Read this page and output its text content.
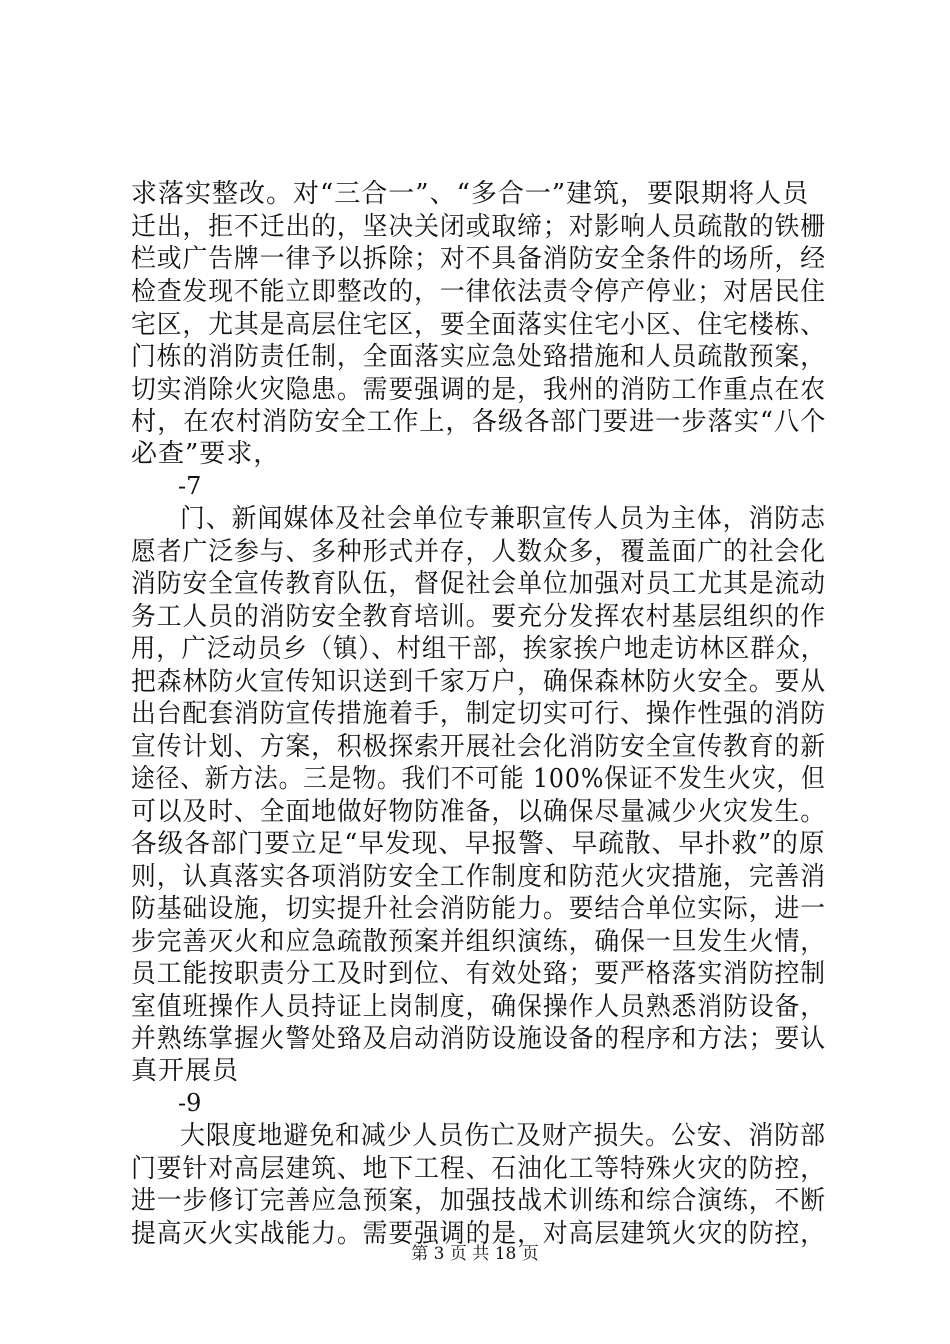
求落实整改。对“三合一”、“多合一”建筑，要限期将人员
迁出，拒不迁出的，坚决关闭或取缔；对影响人员疏散的铁栅
栏或广告牌一律予以拆除；对不具备消防安全条件的场所，经
检查发现不能立即整改的，一律依法责令停产停业；对居民住
宅区，尤其是高层住宅区，要全面落实住宅小区、住宅楼栋、
门栋的消防责任制，全面落实应急处臵措施和人员疏散预案，
切实消除火灾隐患。需要强调的是，我州的消防工作重点在农
村，在农村消防安全工作上，各级各部门要进一步落实“八个
必查”要求，
-7
门、新闻媒体及社会单位专兼职宣传人员为主体，消防志
愿者广泛参与、多种形式并存，人数众多，覆盖面广的社会化
消防安全宣传教育队伍，督促社会单位加强对员工尤其是流动
务工人员的消防安全教育培训。要充分发挥农村基层组织的作
用，广泛动员乡（镇）、村组干部，挨家挨户地走访林区群众，
把森林防火宣传知识送到千家万户，确保森林防火安全。要从
出台配套消防宣传措施着手，制定切实可行、操作性强的消防
宣传计划、方案，积极探索开展社会化消防安全宣传教育的新
途径、新方法。三是物。我们不可能 100%保证不发生火灾，但
可以及时、全面地做好物防准备，以确保尽量减少火灾发生。
各级各部门要立足“早发现、早报警、早疏散、早扑救”的原
则，认真落实各项消防安全工作制度和防范火灾措施，完善消
防基础设施，切实提升社会消防能力。要结合单位实际，进一
步完善灭火和应急疏散预案并组织演练，确保一旦发生火情，
员工能按职责分工及时到位、有效处臵；要严格落实消防控制
室值班操作人员持证上岗制度，确保操作人员熟悉消防设备，
并熟练掌握火警处臵及启动消防设施设备的程序和方法；要认
真开展员
-9
大限度地避免和减少人员伤亡及财产损失。公安、消防部
门要针对高层建筑、地下工程、石油化工等特殊火灾的防控，
进一步修订完善应急预案，加强技战术训练和综合演练，不断
提高灭火实战能力。需要强调的是，对高层建筑火灾的防控，
第 3 页 共 18 页
